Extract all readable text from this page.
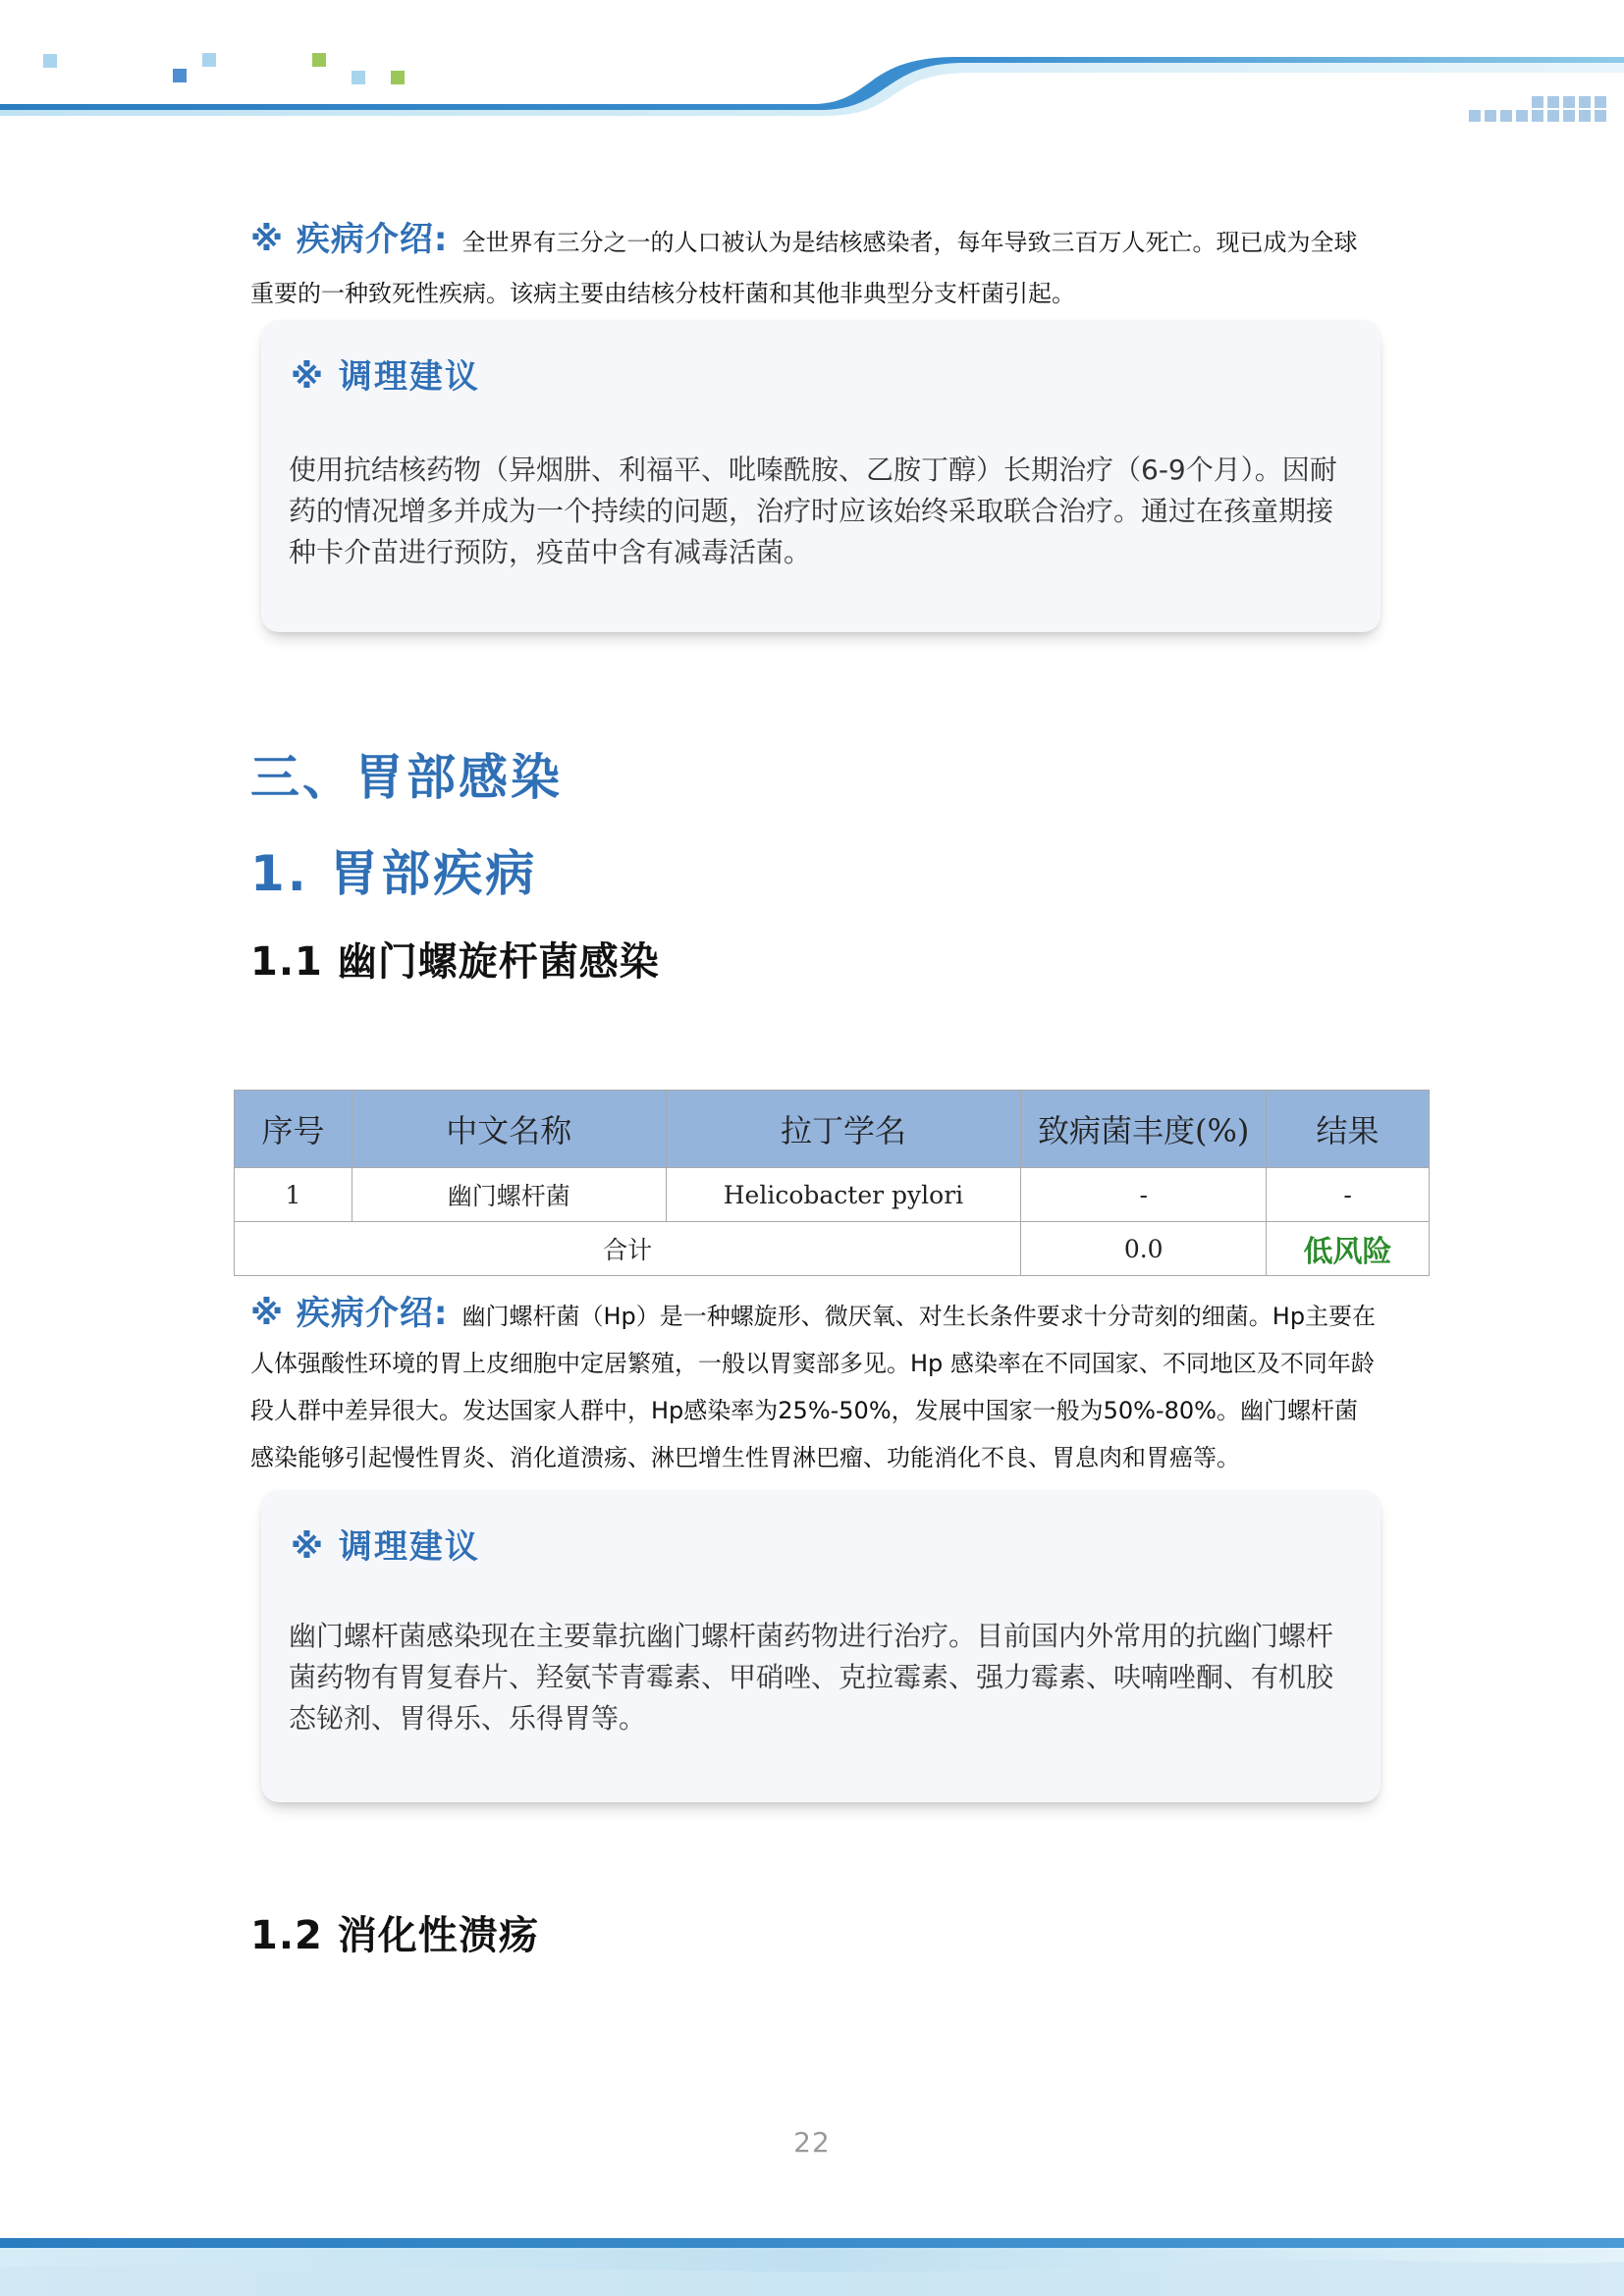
※ 疾病介绍: 全世界有三分之一的人口被认为是结核感染者，每年导致三百万人死亡。现已成为全球重要的一种致死性疾病。该病主要由结核分枝杆菌和其他非典型分支杆菌引起。
※ 调理建议
使用抗结核药物（异烟肼、利福平、吡嗪酰胺、乙胺丁醇）长期治疗（6-9个月）。因耐药的情况增多并成为一个持续的问题，治疗时应该始终采取联合治疗。通过在孩童期接种卡介苗进行预防，疫苗中含有减毒活菌。
三、胃部感染
1. 胃部疾病
1.1 幽门螺旋杆菌感染
序号	中文名称	拉丁学名	致病菌丰度(%)	结果
1	幽门螺杆菌	Helicobacter pylori	-	-
合计			0.0	低风险
※ 疾病介绍: 幽门螺杆菌（Hp）是一种螺旋形、微厌氧、对生长条件要求十分苛刻的细菌。Hp主要在人体强酸性环境的胃上皮细胞中定居繁殖，一般以胃窦部多见。Hp 感染率在不同国家、不同地区及不同年龄段人群中差异很大。发达国家人群中，Hp感染率为25%-50%，发展中国家一般为50%-80%。幽门螺杆菌感染能够引起慢性胃炎、消化道溃疡、淋巴增生性胃淋巴瘤、功能消化不良、胃息肉和胃癌等。
※ 调理建议
幽门螺杆菌感染现在主要靠抗幽门螺杆菌药物进行治疗。目前国内外常用的抗幽门螺杆菌药物有胃复春片、羟氨苄青霉素、甲硝唑、克拉霉素、强力霉素、呋喃唑酮、有机胶态铋剂、胃得乐、乐得胃等。
1.2 消化性溃疡
22
